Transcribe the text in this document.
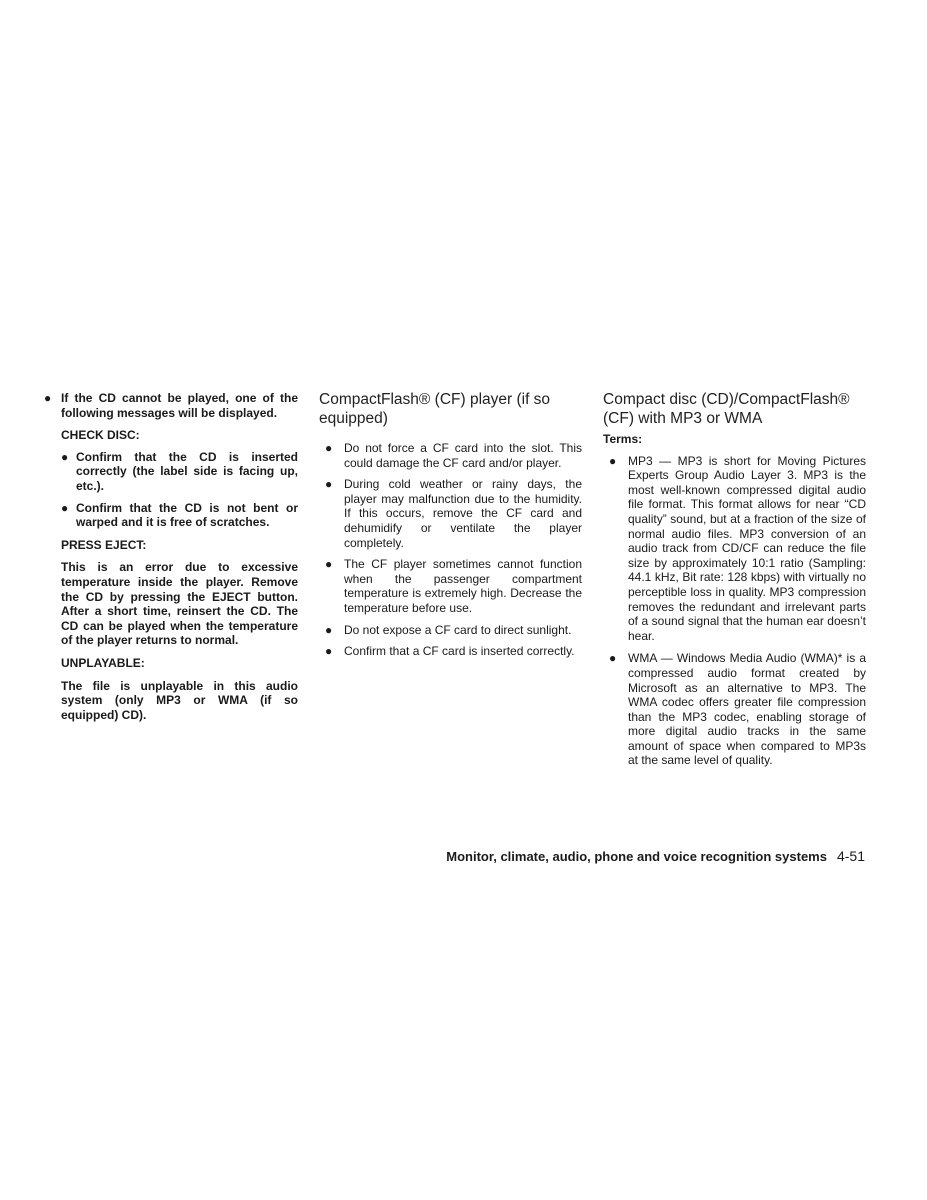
● If the CD cannot be played, one of the following messages will be displayed.

CHECK DISC:
● Confirm that the CD is inserted correctly (the label side is facing up, etc.).

● Confirm that the CD is not bent or warped and it is free of scratches.

PRESS EJECT:

This is an error due to excessive temperature inside the player. Remove the CD by pressing the EJECT button. After a short time, reinsert the CD. The CD can be played when the temperature of the player returns to normal.

UNPLAYABLE:

The file is unplayable in this audio system (only MP3 or WMA (if so equipped) CD).

CompactFlash® (CF) player (if so equipped)
● Do not force a CF card into the slot. This could damage the CF card and/or player.

● During cold weather or rainy days, the player may malfunction due to the humidity. If this occurs, remove the CF card and dehumidify or ventilate the player completely.

● The CF player sometimes cannot function when the passenger compartment temperature is extremely high. Decrease the temperature before use.

● Do not expose a CF card to direct sunlight.

● Confirm that a CF card is inserted correctly.

Compact disc (CD)/CompactFlash® (CF) with MP3 or WMA
Terms:
● MP3 — MP3 is short for Moving Pictures Experts Group Audio Layer 3. MP3 is the most well-known compressed digital audio file format. This format allows for near “CD quality” sound, but at a fraction of the size of normal audio files. MP3 conversion of an audio track from CD/CF can reduce the file size by approximately 10:1 ratio (Sampling: 44.1 kHz, Bit rate: 128 kbps) with virtually no perceptible loss in quality. MP3 compression removes the redundant and irrelevant parts of a sound signal that the human ear doesn’t hear.

● WMA — Windows Media Audio (WMA)* is a compressed audio format created by Microsoft as an alternative to MP3. The WMA codec offers greater file compression than the MP3 codec, enabling storage of more digital audio tracks in the same amount of space when compared to MP3s at the same level of quality.

Monitor, climate, audio, phone and voice recognition systems 4-51
